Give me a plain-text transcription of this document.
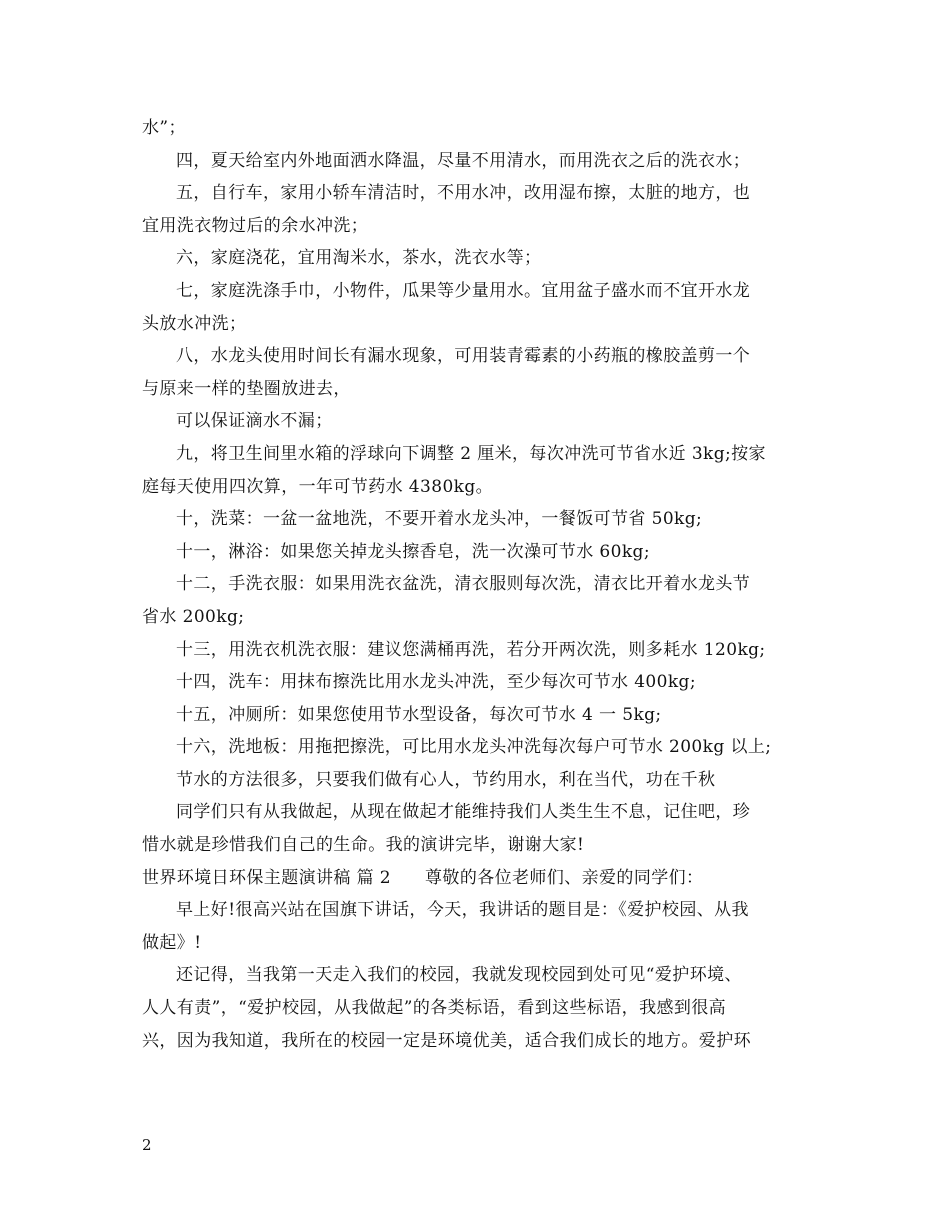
水”；
四，夏天给室内外地面洒水降温，尽量不用清水，而用洗衣之后的洗衣水；
五，自行车，家用小轿车清洁时，不用水冲，改用湿布擦，太脏的地方，也
宜用洗衣物过后的余水冲洗；
六，家庭浇花，宜用淘米水，茶水，洗衣水等；
七，家庭洗涤手巾，小物件，瓜果等少量用水。宜用盆子盛水而不宜开水龙
头放水冲洗；
八，水龙头使用时间长有漏水现象，可用装青霉素的小药瓶的橡胶盖剪一个
与原来一样的垫圈放进去，
可以保证滴水不漏；
九，将卫生间里水箱的浮球向下调整 2 厘米，每次冲洗可节省水近 3kg;按家
庭每天使用四次算，一年可节药水 4380kg。
十，洗菜：一盆一盆地洗，不要开着水龙头冲，一餐饭可节省 50kg;
十一，淋浴：如果您关掉龙头擦香皂，洗一次澡可节水 60kg;
十二，手洗衣服：如果用洗衣盆洗，清衣服则每次洗，清衣比开着水龙头节
省水 200kg;
十三，用洗衣机洗衣服：建议您满桶再洗，若分开两次洗，则多耗水 120kg;
十四，洗车：用抹布擦洗比用水龙头冲洗，至少每次可节水 400kg;
十五，冲厕所：如果您使用节水型设备，每次可节水 4 一 5kg;
十六，洗地板：用拖把擦洗，可比用水龙头冲洗每次每户可节水 200kg 以上;
节水的方法很多，只要我们做有心人，节约用水，利在当代，功在千秋
同学们只有从我做起，从现在做起才能维持我们人类生生不息，记住吧，珍
惜水就是珍惜我们自己的生命。我的演讲完毕，谢谢大家!
世界环境日环保主题演讲稿 篇 2 尊敬的各位老师们、亲爱的同学们：
早上好!很高兴站在国旗下讲话，今天，我讲话的题目是：《爱护校园、从我
做起》!
还记得，当我第一天走入我们的校园，我就发现校园到处可见“爱护环境、
人人有责”，“爱护校园，从我做起”的各类标语，看到这些标语，我感到很高
兴，因为我知道，我所在的校园一定是环境优美，适合我们成长的地方。爱护环
2
